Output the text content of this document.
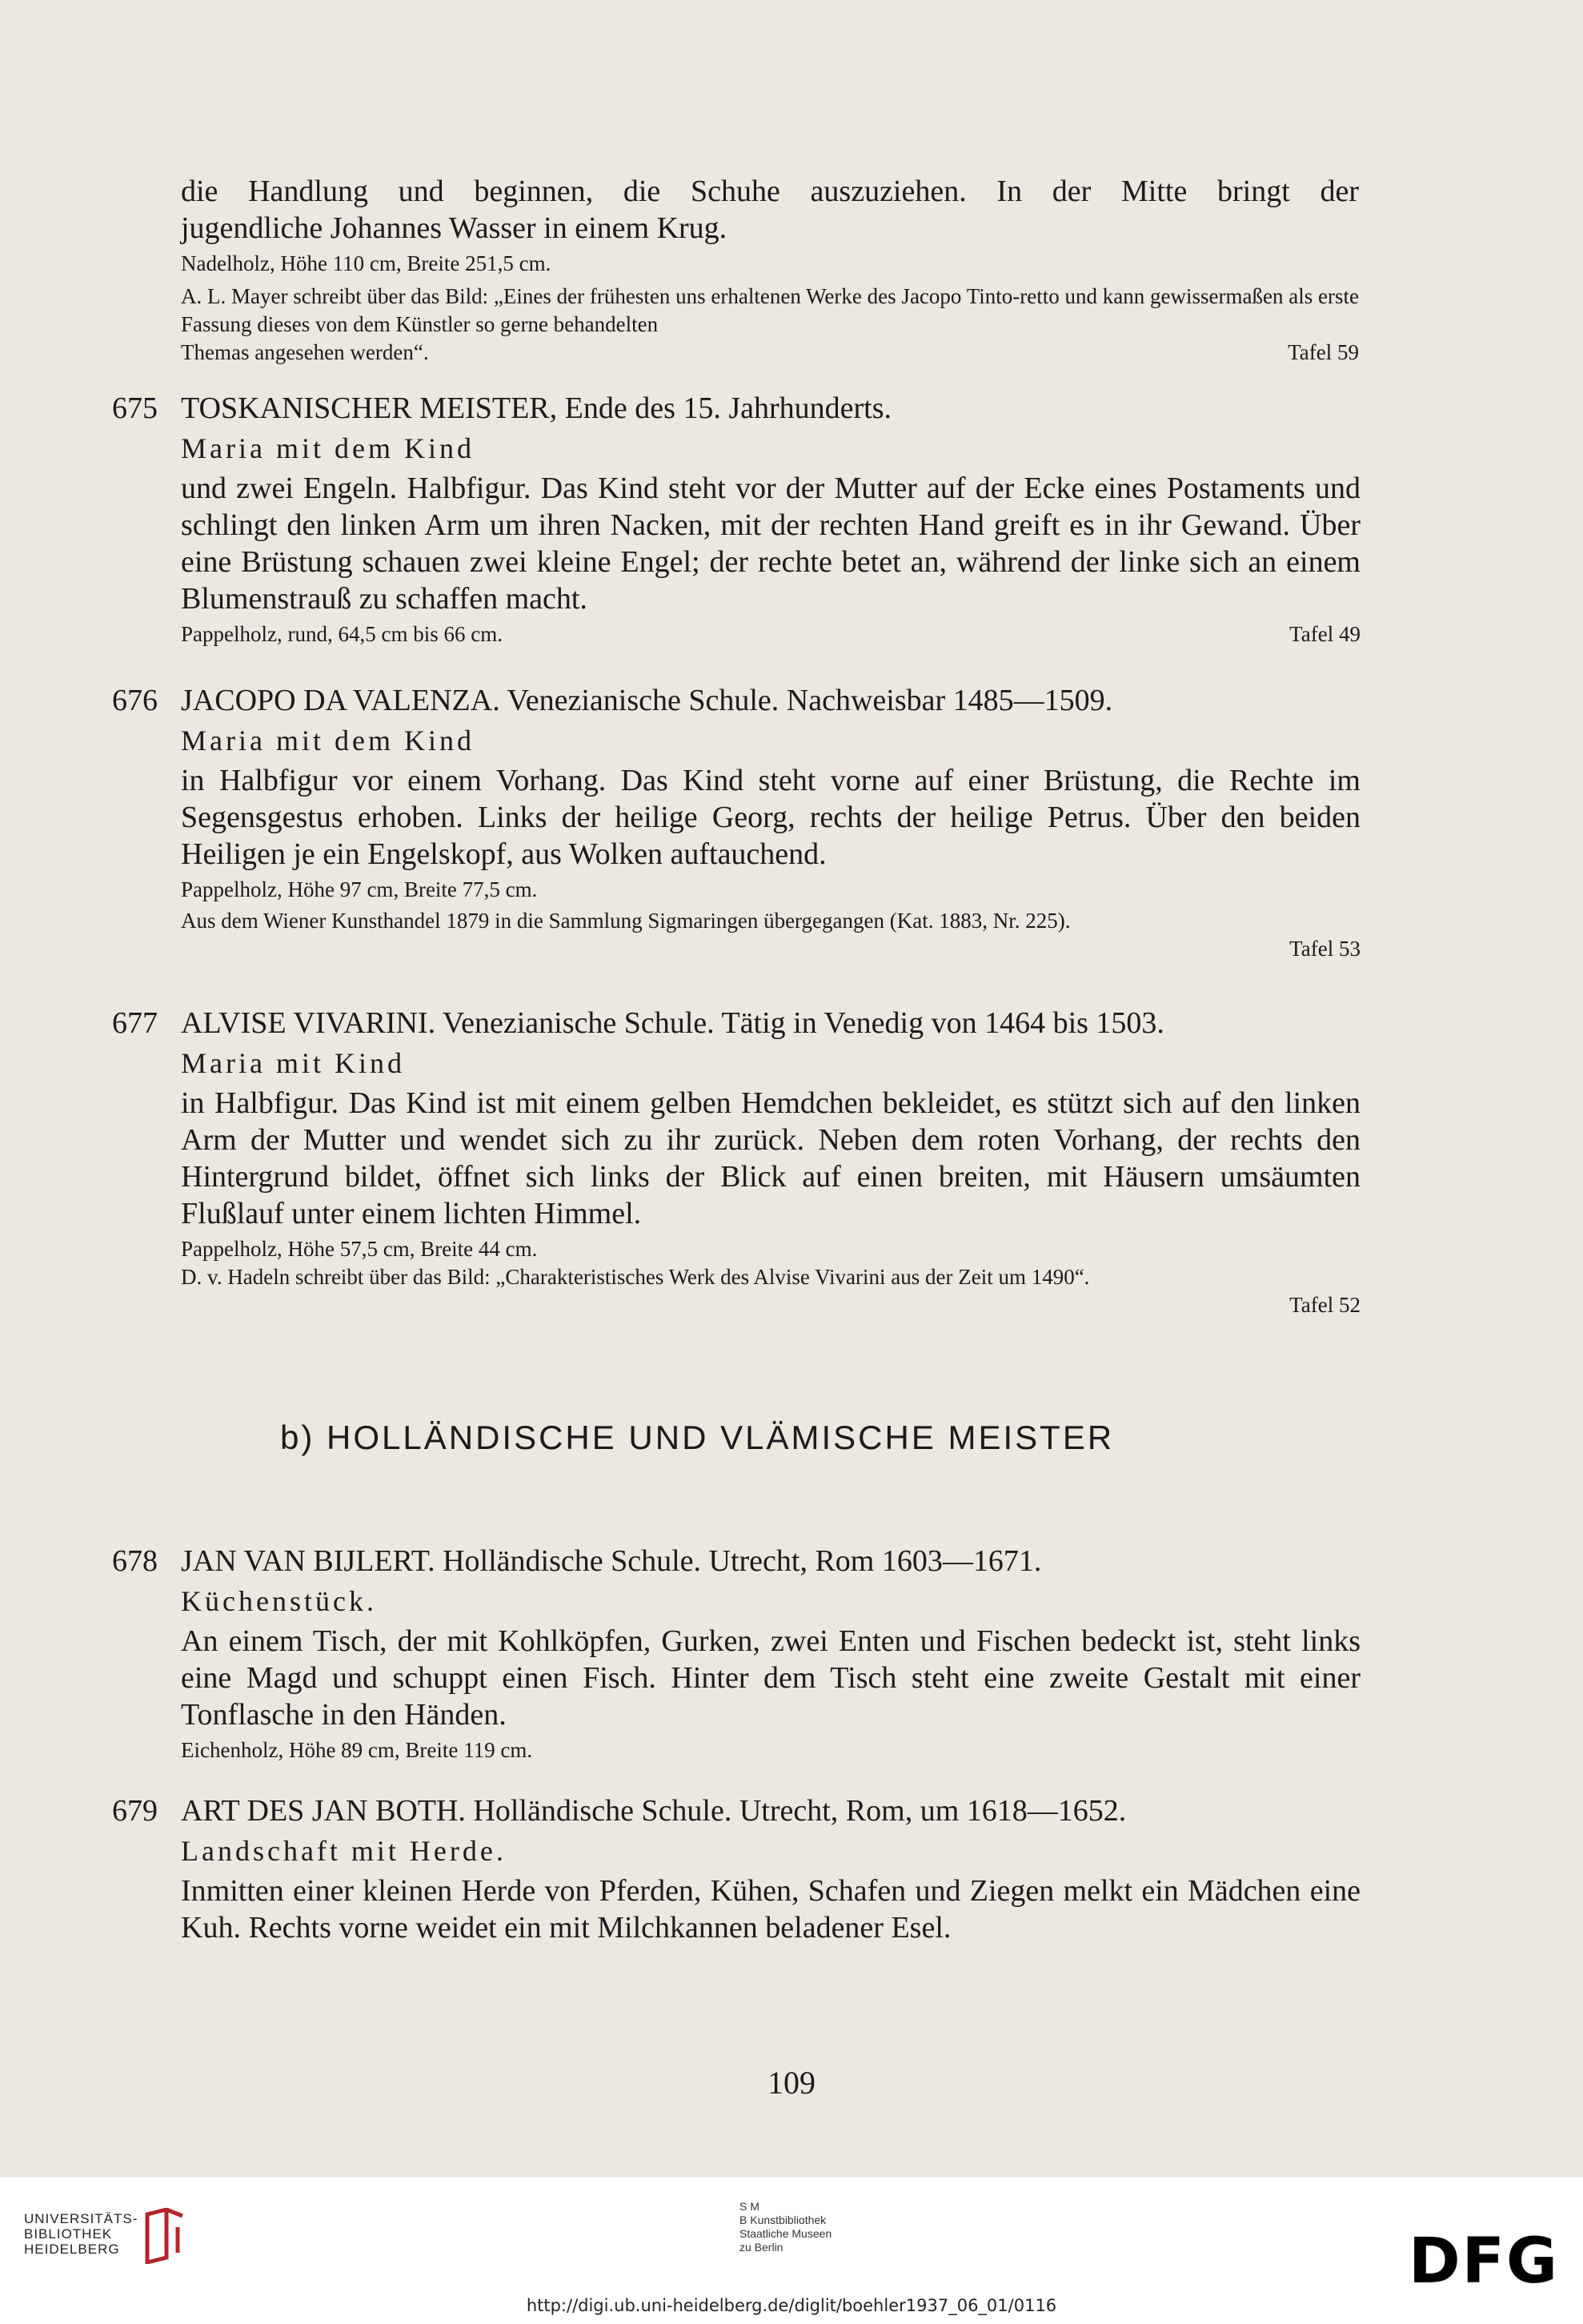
die Handlung und beginnen, die Schuhe auszuziehen. In der Mitte bringt der
jugendliche Johannes Wasser in einem Krug.
Nadelholz, Höhe 110 cm, Breite 251,5 cm.
A. L. Mayer schreibt über das Bild: „Eines der frühesten uns erhaltenen Werke des Jacopo Tinto-retto und kann gewissermaßen als erste Fassung dieses von dem Künstler so gerne behandelten
Themas angesehen werden“.	Tafel 59
675 TOSKANISCHER MEISTER, Ende des 15. Jahrhunderts.
Maria mit dem Kind
und zwei Engeln. Halbfigur. Das Kind steht vor der Mutter auf der Ecke eines Postaments und schlingt den linken Arm um ihren Nacken, mit der rechten Hand greift es in ihr Gewand. Über eine Brüstung schauen zwei kleine Engel; der rechte betet an, während der linke sich an einem Blumenstrauß zu schaffen macht.
Pappelholz, rund, 64,5 cm bis 66 cm.	Tafel 49
676 JACOPO DA VALENZA. Venezianische Schule. Nachweisbar 1485—1509.
Maria mit dem Kind
in Halbfigur vor einem Vorhang. Das Kind steht vorne auf einer Brüstung, die Rechte im Segensgestus erhoben. Links der heilige Georg, rechts der heilige Petrus. Über den beiden Heiligen je ein Engelskopf, aus Wolken auftauchend.
Pappelholz, Höhe 97 cm, Breite 77,5 cm.
Aus dem Wiener Kunsthandel 1879 in die Sammlung Sigmaringen übergegangen (Kat. 1883, Nr. 225).
Tafel 53
677 ALVISE VIVARINI. Venezianische Schule. Tätig in Venedig von 1464 bis 1503.
Maria mit Kind
in Halbfigur. Das Kind ist mit einem gelben Hemdchen bekleidet, es stützt sich auf den linken Arm der Mutter und wendet sich zu ihr zurück. Neben dem roten Vorhang, der rechts den Hintergrund bildet, öffnet sich links der Blick auf einen breiten, mit Häusern umsäumten Flußlauf unter einem lichten Himmel.
Pappelholz, Höhe 57,5 cm, Breite 44 cm.
D. v. Hadeln schreibt über das Bild: „Charakteristisches Werk des Alvise Vivarini aus der Zeit um 1490“.
Tafel 52
b) HOLLÄNDISCHE UND VLÄMISCHE MEISTER
678 JAN VAN BIJLERT. Holländische Schule. Utrecht, Rom 1603—1671.
Küchenstück.
An einem Tisch, der mit Kohlköpfen, Gurken, zwei Enten und Fischen bedeckt ist, steht links eine Magd und schuppt einen Fisch. Hinter dem Tisch steht eine zweite Gestalt mit einer Tonflasche in den Händen.
Eichenholz, Höhe 89 cm, Breite 119 cm.
679 ART DES JAN BOTH. Holländische Schule. Utrecht, Rom, um 1618—1652.
Landschaft mit Herde.
Inmitten einer kleinen Herde von Pferden, Kühen, Schafen und Ziegen melkt ein Mädchen eine Kuh. Rechts vorne weidet ein mit Milchkannen beladener Esel.
109
UNIVERSITÄTS-
BIBLIOTHEK
HEIDELBERG
S M
B Kunstbibliothek
Staatliche Museen
zu Berlin	DFG
http://digi.ub.uni-heidelberg.de/diglit/boehler1937_06_01/0116
